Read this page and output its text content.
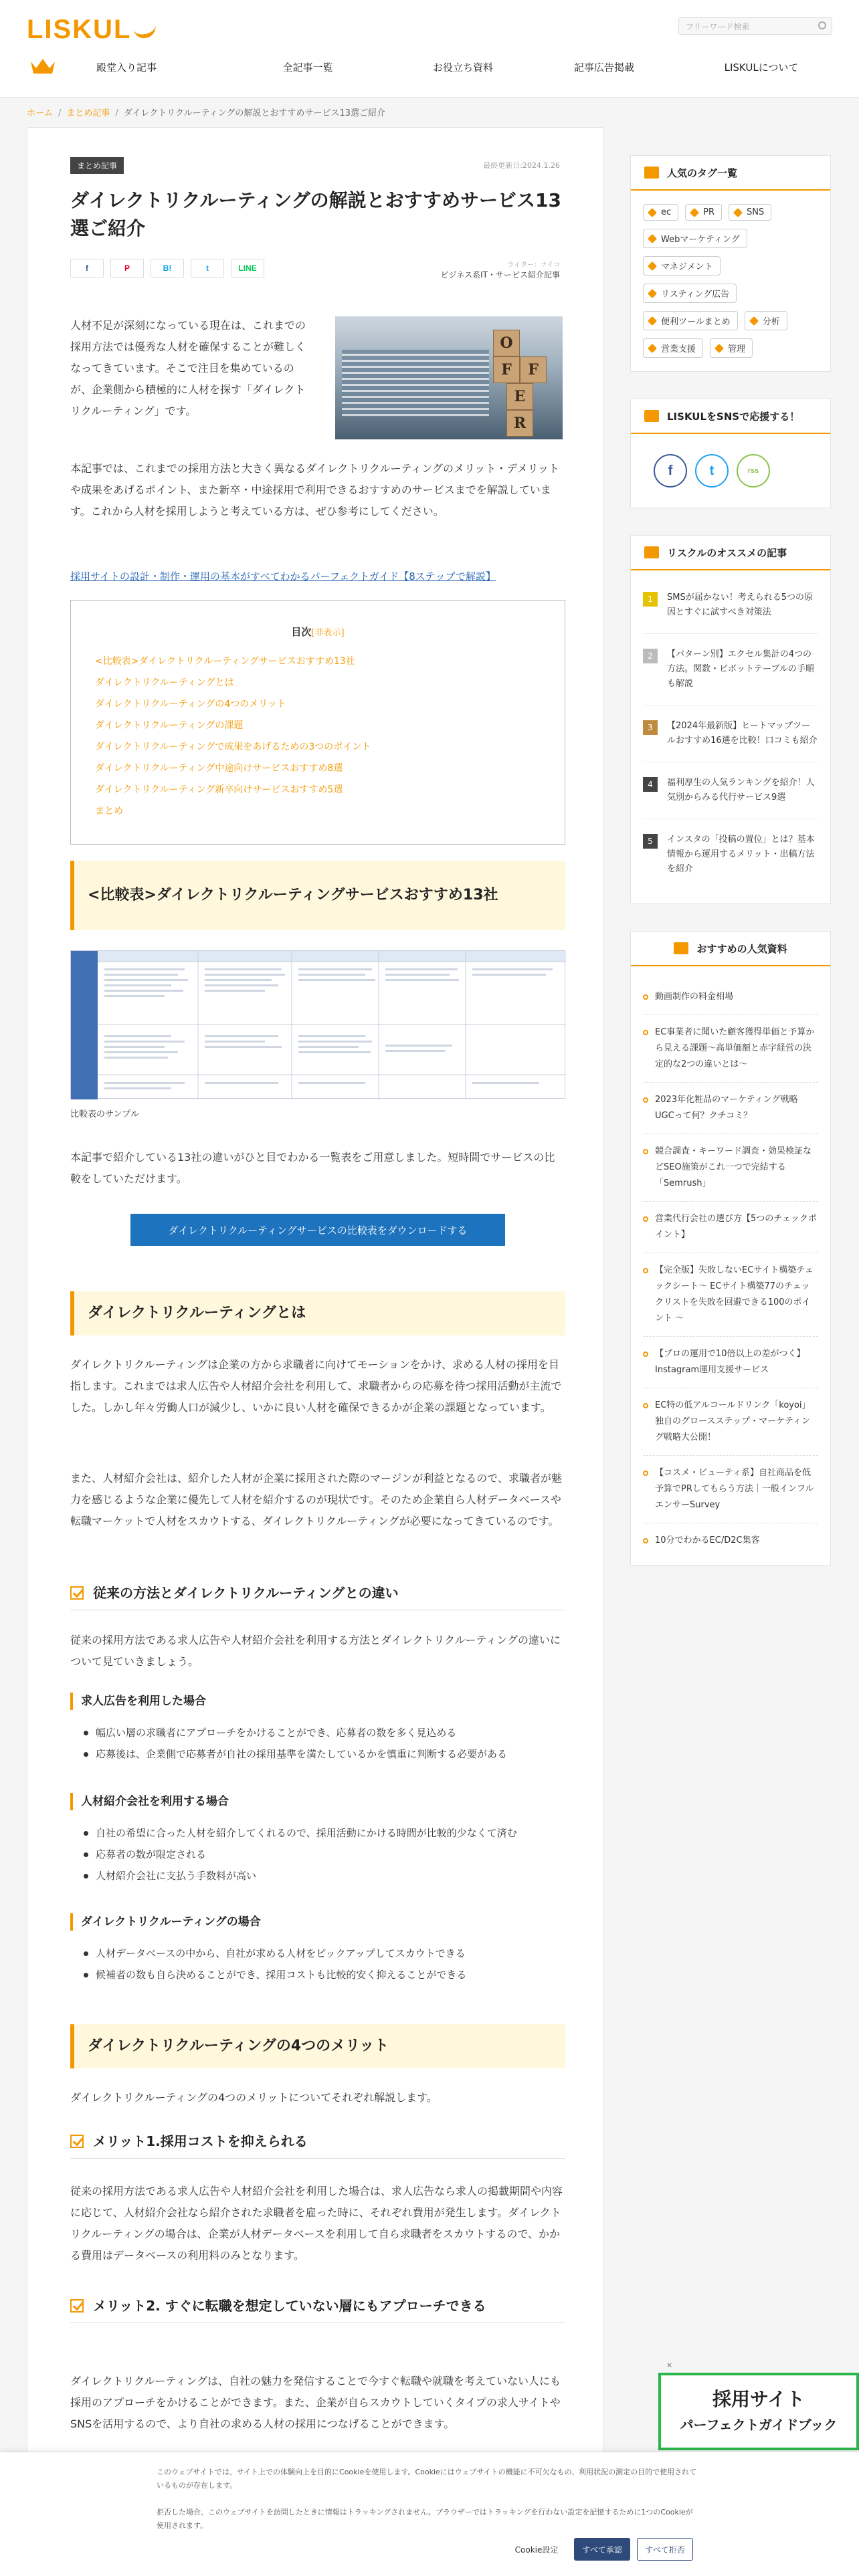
LISKUL	フリーワード検索
殿堂入り記事	全記事一覧	お役立ち資料	記事広告掲載	LISKULについて
ホーム / まとめ記事 / ダイレクトリクルーティングの解説とおすすめサービス13選ご紹介
まとめ記事	最終更新日:2024.1.26
ダイレクトリクルーティングの解説とおすすめサービス13選ご紹介
f	P	B!	t	LINE	ライター：ナイコ
ビジネス系IT・サービス紹介記事
人材不足が深刻になっている現在は、これまでの採用方法では優秀な人材を確保することが難しくなってきています。そこで注目を集めているのが、企業側から積極的に人材を探す「ダイレクトリクルーティング」です。
O
F	F
E
R
本記事では、これまでの採用方法と大きく異なるダイレクトリクルーティングのメリット・デメリットや成果をあげるポイント、また新卒・中途採用で利用できるおすすめのサービスまでを解説しています。これから人材を採用しようと考えている方は、ぜひ参考にしてください。
採用サイトの設計・制作・運用の基本がすべてわかるパーフェクトガイド【8ステップで解説】
目次[非表示]
<比較表>ダイレクトリクルーティングサービスおすすめ13社
ダイレクトリクルーティングとは
ダイレクトリクルーティングの4つのメリット
ダイレクトリクルーティングの課題
ダイレクトリクルーティングで成果をあげるための3つのポイント
ダイレクトリクルーティング中途向けサービスおすすめ8選
ダイレクトリクルーティング新卒向けサービスおすすめ5選
まとめ
<比較表>ダイレクトリクルーティングサービスおすすめ13社
比較表のサンプル
本記事で紹介している13社の違いがひと目でわかる一覧表をご用意しました。短時間でサービスの比較をしていただけます。
ダイレクトリクルーティングサービスの比較表をダウンロードする
ダイレクトリクルーティングとは
ダイレクトリクルーティングは企業の方から求職者に向けてモーションをかけ、求める人材の採用を目指します。これまでは求人広告や人材紹介会社を利用して、求職者からの応募を待つ採用活動が主流でした。しかし年々労働人口が減少し、いかに良い人材を確保できるかが企業の課題となっています。
また、人材紹介会社は、紹介した人材が企業に採用された際のマージンが利益となるので、求職者が魅力を感じるような企業に優先して人材を紹介するのが現状です。そのため企業自ら人材データベースや転職マーケットで人材をスカウトする、ダイレクトリクルーティングが必要になってきているのです。
従来の方法とダイレクトリクルーティングとの違い
従来の採用方法である求人広告や人材紹介会社を利用する方法とダイレクトリクルーティングの違いについて見ていきましょう。
求人広告を利用した場合
幅広い層の求職者にアプローチをかけることができ、応募者の数を多く見込める
応募後は、企業側で応募者が自社の採用基準を満たしているかを慎重に判断する必要がある
人材紹介会社を利用する場合
自社の希望に合った人材を紹介してくれるので、採用活動にかける時間が比較的少なくて済む
応募者の数が限定される
人材紹介会社に支払う手数料が高い
ダイレクトリクルーティングの場合
人材データベースの中から、自社が求める人材をピックアップしてスカウトできる
候補者の数も自ら決めることができ、採用コストも比較的安く抑えることができる
ダイレクトリクルーティングの4つのメリット
ダイレクトリクルーティングの4つのメリットについてそれぞれ解説します。
メリット1.採用コストを抑えられる
従来の採用方法である求人広告や人材紹介会社を利用した場合は、求人広告なら求人の掲載期間や内容に応じて、人材紹介会社なら紹介された求職者を雇った時に、それぞれ費用が発生します。ダイレクトリクルーティングの場合は、企業が人材データベースを利用して自ら求職者をスカウトするので、かかる費用はデータベースの利用料のみとなります。
メリット2. すぐに転職を想定していない層にもアプローチできる
ダイレクトリクルーティングは、自社の魅力を発信することで今すぐ転職や就職を考えていない人にも採用のアプローチをかけることができます。また、企業が自らスカウトしていくタイプの求人サイトやSNSを活用するので、より自社の求める人材の採用につなげることができます。
人気のタグ一覧
ec	PR	SNS
Webマーケティング
マネジメント
リスティング広告
便利ツールまとめ	分析
営業支援	管理
LISKULをSNSで応援する！
f	t	rss
リスクルのオススメの記事
1	SMSが届かない！考えられる5つの原因とすぐに試すべき対策法
2	【パターン別】エクセル集計の4つの方法。関数・ピボットテーブルの手順も解説
3	【2024年最新版】ヒートマップツールおすすめ16選を比較！口コミも紹介
4	福利厚生の人気ランキングを紹介！人気別からみる代行サービス9選
5	インスタの「投稿の置位」とは？基本情報から運用するメリット・出稿方法を紹介
おすすめの人気資料
動画制作の料金相場
EC事業者に聞いた顧客獲得単価と予算から見える課題〜高単価額と赤字経営の決定的な2つの違いとは〜
2023年化粧品のマーケティング戦略 UGCって何？クチコミ？
競合調査・キーワード調査・効果検証などSEO施策がこれ一つで完結する「Semrush」
営業代行会社の選び方【5つのチェックポイント】
【完全版】失敗しないECサイト構築チェックシート〜 ECサイト構築77のチェックリストを失敗を回避できる100のポイント 〜
【プロの運用で10倍以上の差がつく】Instagram運用支援サービス
EC特の低アルコールドリンク「koyoi」独自のグロースステップ・マーケティング戦略大公開！
【コスメ・ビューティ系】自社商品を低予算でPRしてもらう方法｜一般インフルエンサーSurvey
10分でわかるEC/D2C集客
×
採用サイト
パーフェクトガイドブック
このウェブサイトでは、サイト上での体験向上を目的にCookieを使用します。Cookieにはウェブサイトの機能に不可欠なもの、利用状況の測定の目的で使用されているものが存在します。
拒否した場合、このウェブサイトを訪問したときに情報はトラッキングされません。ブラウザーではトラッキングを行わない設定を記憶するために1つのCookieが使用されます。
Cookie設定	すべて承認	すべて拒否
